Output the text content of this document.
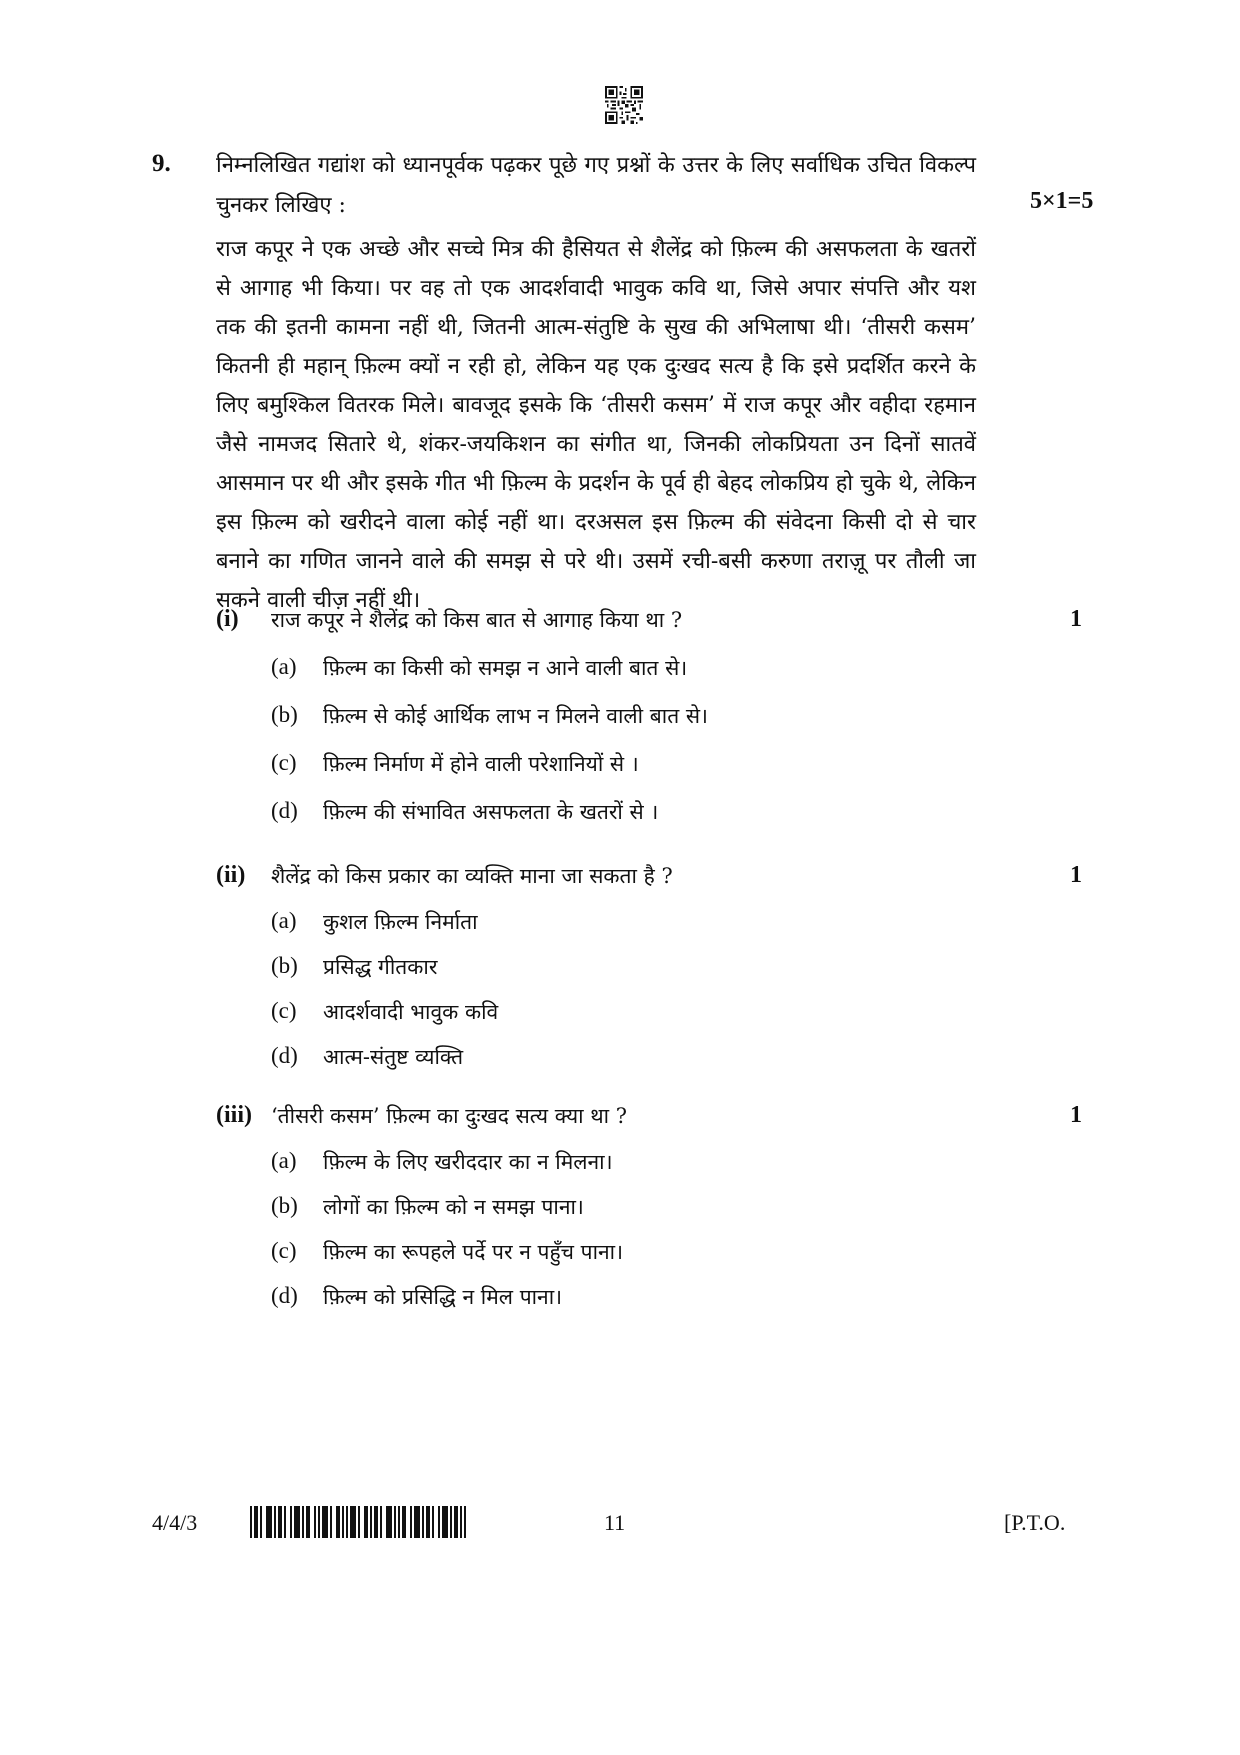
9. निम्नलिखित गद्यांश को ध्यानपूर्वक पढ़कर पूछे गए प्रश्नों के उत्तर के लिए सर्वाधिक उचित विकल्प चुनकर लिखिए :	5×1=5

राज कपूर ने एक अच्छे और सच्चे मित्र की हैसियत से शैलेंद्र को फ़िल्म की असफलता के खतरों से आगाह भी किया। पर वह तो एक आदर्शवादी भावुक कवि था, जिसे अपार संपत्ति और यश तक की इतनी कामना नहीं थी, जितनी आत्म-संतुष्टि के सुख की अभिलाषा थी। ‘तीसरी कसम’ कितनी ही महान् फ़िल्म क्यों न रही हो, लेकिन यह एक दुःखद सत्य है कि इसे प्रदर्शित करने के लिए बमुश्किल वितरक मिले। बावजूद इसके कि ‘तीसरी कसम’ में राज कपूर और वहीदा रहमान जैसे नामजद सितारे थे, शंकर-जयकिशन का संगीत था, जिनकी लोकप्रियता उन दिनों सातवें आसमान पर थी और इसके गीत भी फ़िल्म के प्रदर्शन के पूर्व ही बेहद लोकप्रिय हो चुके थे, लेकिन इस फ़िल्म को खरीदने वाला कोई नहीं था। दरअसल इस फ़िल्म की संवेदना किसी दो से चार बनाने का गणित जानने वाले की समझ से परे थी। उसमें रची-बसी करुणा तराज़ू पर तौली जा सकने वाली चीज़ नहीं थी।

(i) राज कपूर ने शैलेंद्र को किस बात से आगाह किया था ?	1
(a) फ़िल्म का किसी को समझ न आने वाली बात से।
(b) फ़िल्म से कोई आर्थिक लाभ न मिलने वाली बात से।
(c) फ़िल्म निर्माण में होने वाली परेशानियों से ।
(d) फ़िल्म की संभावित असफलता के खतरों से ।
(ii) शैलेंद्र को किस प्रकार का व्यक्ति माना जा सकता है ?	1
(a) कुशल फ़िल्म निर्माता
(b) प्रसिद्ध गीतकार
(c) आदर्शवादी भावुक कवि
(d) आत्म-संतुष्ट व्यक्ति
(iii) ‘तीसरी कसम’ फ़िल्म का दुःखद सत्य क्या था ?	1
(a) फ़िल्म के लिए खरीददार का न मिलना।
(b) लोगों का फ़िल्म को न समझ पाना।
(c) फ़िल्म का रूपहले पर्दे पर न पहुँच पाना।
(d) फ़िल्म को प्रसिद्धि न मिल पाना।
4/4/3	11	[P.T.O.
